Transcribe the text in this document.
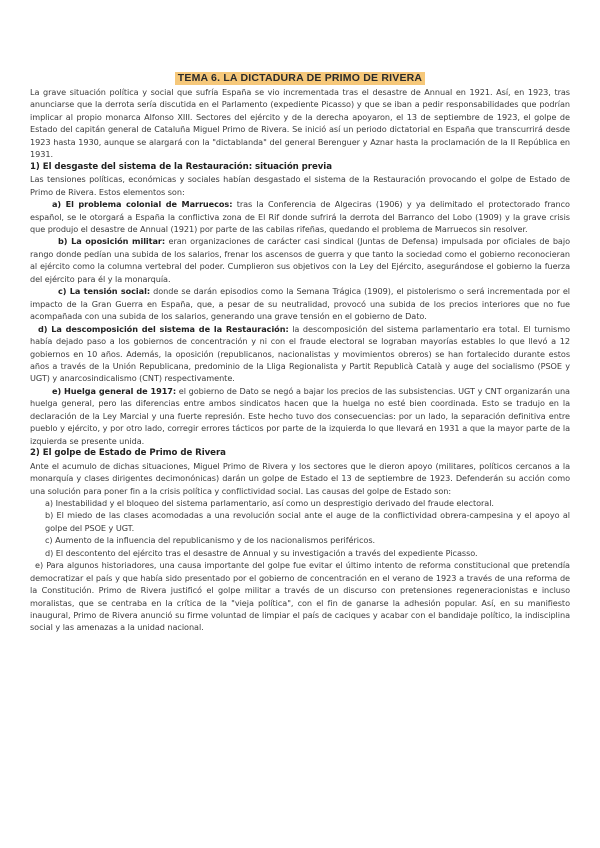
TEMA 6. LA DICTADURA DE PRIMO DE RIVERA

La grave situación política y social que sufría España se vio incrementada tras el desastre de Annual en 1921. Así, en 1923, tras anunciarse que la derrota sería discutida en el Parlamento (expediente Picasso) y que se iban a pedir responsabilidades que podrían implicar al propio monarca Alfonso XIII. Sectores del ejército y de la derecha apoyaron, el 13 de septiembre de 1923, el golpe de Estado del capitán general de Cataluña Miguel Primo de Rivera. Se inició así un periodo dictatorial en España que transcurrirá desde 1923 hasta 1930, aunque se alargará con la "dictablanda" del general Berenguer y Aznar hasta la proclamación de la II República en 1931.

1) El desgaste del sistema de la Restauración: situación previa

Las tensiones políticas, económicas y sociales habían desgastado el sistema de la Restauración provocando el golpe de Estado de Primo de Rivera. Estos elementos son:

a) El problema colonial de Marruecos: tras la Conferencia de Algeciras (1906) y ya delimitado el protectorado franco español, se le otorgará a España la conflictiva zona de El Rif donde sufrirá la derrota del Barranco del Lobo (1909) y la grave crisis que produjo el desastre de Annual (1921) por parte de las cabilas rifeñas, quedando el problema de Marruecos sin resolver.

b) La oposición militar: eran organizaciones de carácter casi sindical (Juntas de Defensa) impulsada por oficiales de bajo rango donde pedían una subida de los salarios, frenar los ascensos de guerra y que tanto la sociedad como el gobierno reconocieran al ejército como la columna vertebral del poder. Cumplieron sus objetivos con la Ley del Ejército, asegurándose el gobierno la fuerza del ejército para él y la monarquía.

c) La tensión social: donde se darán episodios como la Semana Trágica (1909), el pistolerismo o será incrementada por el impacto de la Gran Guerra en España, que, a pesar de su neutralidad, provocó una subida de los precios interiores que no fue acompañada con una subida de los salarios, generando una grave tensión en el gobierno de Dato.

d) La descomposición del sistema de la Restauración: la descomposición del sistema parlamentario era total. El turnismo había dejado paso a los gobiernos de concentración y ni con el fraude electoral se lograban mayorías estables lo que llevó a 12 gobiernos en 10 años. Además, la oposición (republicanos, nacionalistas y movimientos obreros) se han fortalecido durante estos años a través de la Unión Republicana, predominio de la Lliga Regionalista y Partit Republicà Català y auge del socialismo (PSOE y UGT) y anarcosindicalismo (CNT) respectivamente.

e) Huelga general de 1917: el gobierno de Dato se negó a bajar los precios de las subsistencias. UGT y CNT organizarán una huelga general, pero las diferencias entre ambos sindicatos hacen que la huelga no esté bien coordinada. Esto se tradujo en la declaración de la Ley Marcial y una fuerte represión. Este hecho tuvo dos consecuencias: por un lado, la separación definitiva entre pueblo y ejército, y por otro lado, corregir errores tácticos por parte de la izquierda lo que llevará en 1931 a que la mayor parte de la izquierda se presente unida.

2) El golpe de Estado de Primo de Rivera

Ante el acumulo de dichas situaciones, Miguel Primo de Rivera y los sectores que le dieron apoyo (militares, políticos cercanos a la monarquía y clases dirigentes decimonónicas) darán un golpe de Estado el 13 de septiembre de 1923. Defenderán su acción como una solución para poner fin a la crisis política y conflictividad social. Las causas del golpe de Estado son:

a) Inestabilidad y el bloqueo del sistema parlamentario, así como un desprestigio derivado del fraude electoral.

b) El miedo de las clases acomodadas a una revolución social ante el auge de la conflictividad obrera-campesina y el apoyo al golpe del PSOE y UGT.

c) Aumento de la influencia del republicanismo y de los nacionalismos periféricos.

d) El descontento del ejército tras el desastre de Annual y su investigación a través del expediente Picasso.

e) Para algunos historiadores, una causa importante del golpe fue evitar el último intento de reforma constitucional que pretendía democratizar el país y que había sido presentado por el gobierno de concentración en el verano de 1923 a través de una reforma de la Constitución. Primo de Rivera justificó el golpe militar a través de un discurso con pretensiones regeneracionistas e incluso moralistas, que se centraba en la crítica de la "vieja política", con el fin de ganarse la adhesión popular. Así, en su manifiesto inaugural, Primo de Rivera anunció su firme voluntad de limpiar el país de caciques y acabar con el bandidaje político, la indisciplina social y las amenazas a la unidad nacional.
